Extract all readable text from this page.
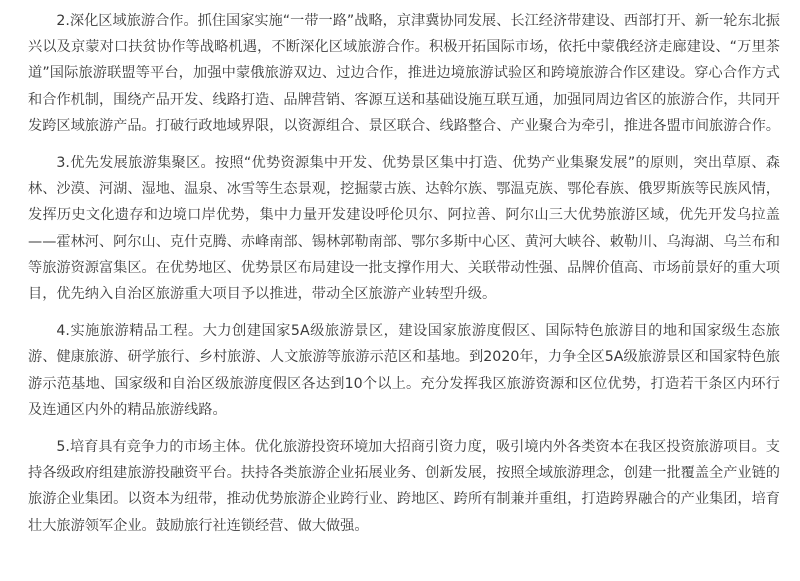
2.深化区域旅游合作。抓住国家实施“一带一路”战略，京津冀协同发展、长江经济带建设、西部打开、新一轮东北振兴以及京蒙对口扶贫协作等战略机遇，不断深化区域旅游合作。积极开拓国际市场，依托中蒙俄经济走廊建设、“万里茶道”国际旅游联盟等平台，加强中蒙俄旅游双边、过边合作，推进边境旅游试验区和跨境旅游合作区建设。穿心合作方式和合作机制，围绕产品开发、线路打造、品牌营销、客源互送和基础设施互联互通，加强同周边省区的旅游合作，共同开发跨区域旅游产品。打破行政地域界限，以资源组合、景区联合、线路整合、产业聚合为牵引，推进各盟市间旅游合作。

3.优先发展旅游集聚区。按照“优势资源集中开发、优势景区集中打造、优势产业集聚发展”的原则，突出草原、森林、沙漠、河湖、湿地、温泉、冰雪等生态景观，挖掘蒙古族、达斡尔族、鄂温克族、鄂伦春族、俄罗斯族等民族风情，发挥历史文化遗存和边境口岸优势，集中力量开发建设呼伦贝尔、阿拉善、阿尔山三大优势旅游区域，优先开发乌拉盖——霍林河、阿尔山、克什克腾、赤峰南部、锡林郭勒南部、鄂尔多斯中心区、黄河大峡谷、敕勒川、乌海湖、乌兰布和等旅游资源富集区。在优势地区、优势景区布局建设一批支撑作用大、关联带动性强、品牌价值高、市场前景好的重大项目，优先纳入自治区旅游重大项目予以推进，带动全区旅游产业转型升级。

4.实施旅游精品工程。大力创建国家5A级旅游景区，建设国家旅游度假区、国际特色旅游目的地和国家级生态旅游、健康旅游、研学旅行、乡村旅游、人文旅游等旅游示范区和基地。到2020年，力争全区5A级旅游景区和国家特色旅游示范基地、国家级和自治区级旅游度假区各达到10个以上。充分发挥我区旅游资源和区位优势，打造若干条区内环行及连通区内外的精品旅游线路。

5.培育具有竞争力的市场主体。优化旅游投资环境加大招商引资力度，吸引境内外各类资本在我区投资旅游项目。支持各级政府组建旅游投融资平台。扶持各类旅游企业拓展业务、创新发展，按照全域旅游理念，创建一批覆盖全产业链的旅游企业集团。以资本为纽带，推动优势旅游企业跨行业、跨地区、跨所有制兼并重组，打造跨界融合的产业集团，培育壮大旅游领军企业。鼓励旅行社连锁经营、做大做强。
